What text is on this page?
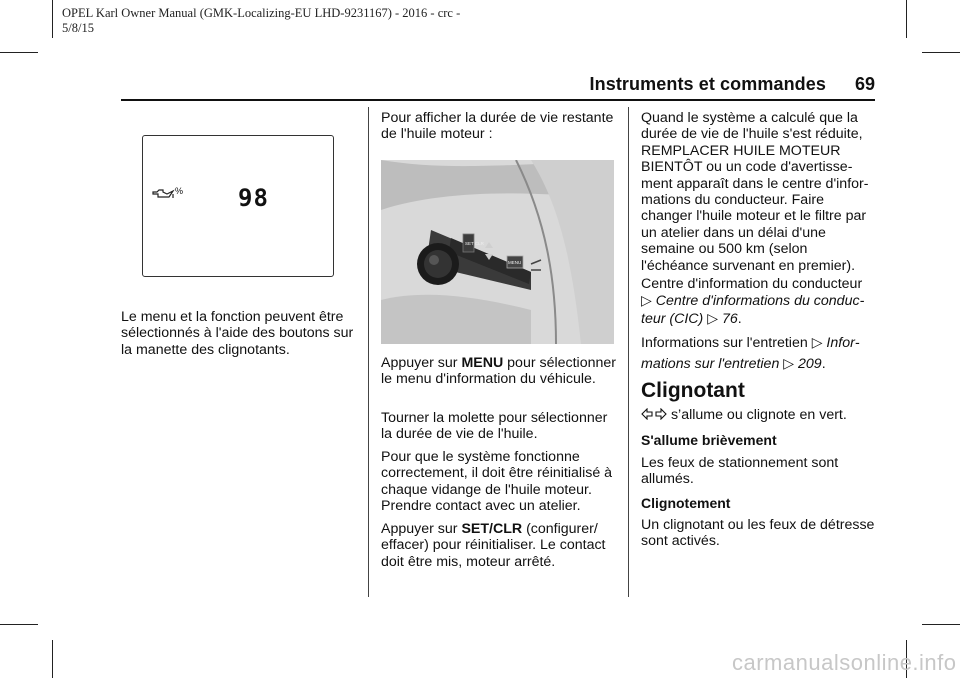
OPEL Karl Owner Manual (GMK-Localizing-EU LHD-9231167) - 2016 - crc -
5/8/15
Instruments et commandes 69
% 98

Le menu et la fonction peuvent être sélectionnés à l'aide des boutons sur la manette des clignotants.

Pour afficher la durée de vie restante de l'huile moteur :

SET CLR
MENU

Appuyer sur MENU pour sélectionner le menu d'information du véhicule.

Tourner la molette pour sélectionner la durée de vie de l'huile.

Pour que le système fonctionne correctement, il doit être réinitialisé à chaque vidange de l'huile moteur. Prendre contact avec un atelier.

Appuyer sur SET/CLR (configurer/ effacer) pour réinitialiser. Le contact doit être mis, moteur arrêté.

Quand le système a calculé que la durée de vie de l'huile s'est réduite, REMPLACER HUILE MOTEUR BIENTÔT ou un code d'avertissement apparaît dans le centre d'informations du conducteur. Faire changer l'huile moteur et le filtre par un atelier dans un délai d'une semaine ou 500 km (selon l'échéance survenant en premier).

Centre d'information du conducteur
▷ Centre d'informations du conducteur (CIC) ▷ 76.

Informations sur l'entretien ▷ Informations sur l'entretien ▷ 209.

Clignotant

s’allume ou clignote en vert.

S'allume brièvement

Les feux de stationnement sont allumés.

Clignotement

Un clignotant ou les feux de détresse sont activés.

carmanualsonline.info
